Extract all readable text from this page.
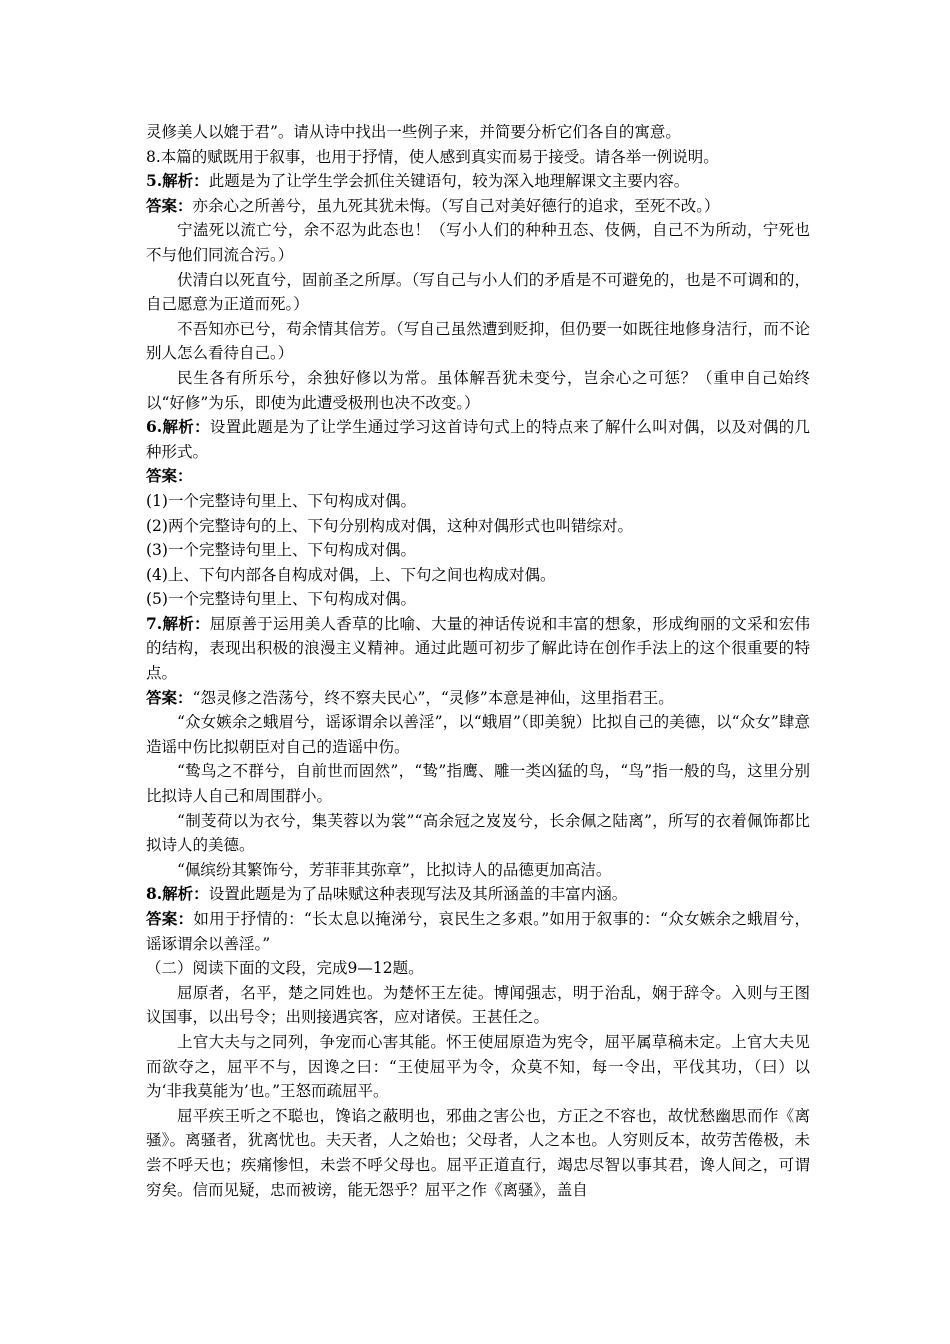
灵修美人以媲于君”。请从诗中找出一些例子来，并简要分析它们各自的寓意。

8.本篇的赋既用于叙事，也用于抒情，使人感到真实而易于接受。请各举一例说明。

5.解析：此题是为了让学生学会抓住关键语句，较为深入地理解课文主要内容。

答案：亦余心之所善兮，虽九死其犹未悔。（写自己对美好德行的追求，至死不改。）

宁溘死以流亡兮，余不忍为此态也！（写小人们的种种丑态、伎俩，自己不为所动，宁死也不与他们同流合污。）

伏清白以死直兮，固前圣之所厚。（写自己与小人们的矛盾是不可避免的，也是不可调和的，自己愿意为正道而死。）

不吾知亦已兮，苟余情其信芳。（写自己虽然遭到贬抑，但仍要一如既往地修身洁行，而不论别人怎么看待自己。）

民生各有所乐兮，余独好修以为常。虽体解吾犹未变兮，岂余心之可惩？（重申自己始终以“好修”为乐，即使为此遭受极刑也决不改变。）

6.解析：设置此题是为了让学生通过学习这首诗句式上的特点来了解什么叫对偶，以及对偶的几种形式。

答案：

(1)一个完整诗句里上、下句构成对偶。

(2)两个完整诗句的上、下句分别构成对偶，这种对偶形式也叫错综对。

(3)一个完整诗句里上、下句构成对偶。

(4)上、下句内部各自构成对偶，上、下句之间也构成对偶。

(5)一个完整诗句里上、下句构成对偶。

7.解析：屈原善于运用美人香草的比喻、大量的神话传说和丰富的想象，形成绚丽的文采和宏伟的结构，表现出积极的浪漫主义精神。通过此题可初步了解此诗在创作手法上的这个很重要的特点。

答案：“怨灵修之浩荡兮，终不察夫民心”，“灵修”本意是神仙，这里指君王。

“众女嫉余之蛾眉兮，谣诼谓余以善淫”，以“蛾眉”（即美貌）比拟自己的美德，以“众女”肆意造谣中伤比拟朝臣对自己的造谣中伤。

“鸷鸟之不群兮，自前世而固然”，“鸷”指鹰、雕一类凶猛的鸟，“鸟”指一般的鸟，这里分别比拟诗人自己和周围群小。

“制芰荷以为衣兮，集芙蓉以为裳”“高余冠之岌岌兮，长余佩之陆离”，所写的衣着佩饰都比拟诗人的美德。

“佩缤纷其繁饰兮，芳菲菲其弥章”，比拟诗人的品德更加高洁。

8.解析：设置此题是为了品味赋这种表现写法及其所涵盖的丰富内涵。

答案：如用于抒情的：“长太息以掩涕兮，哀民生之多艰。”如用于叙事的：“众女嫉余之蛾眉兮，谣诼谓余以善淫。”

（二）阅读下面的文段，完成9—12题。

屈原者，名平，楚之同姓也。为楚怀王左徒。博闻强志，明于治乱，娴于辞令。入则与王图议国事，以出号令；出则接遇宾客，应对诸侯。王甚任之。

上官大夫与之同列，争宠而心害其能。怀王使屈原造为宪令，屈平属草稿未定。上官大夫见而欲夺之，屈平不与，因谗之曰：“王使屈平为令，众莫不知，每一令出，平伐其功，（曰）以为‘非我莫能为’也。”王怒而疏屈平。

屈平疾王听之不聪也，馋谄之蔽明也，邪曲之害公也，方正之不容也，故忧愁幽思而作《离骚》。离骚者，犹离忧也。夫天者，人之始也；父母者，人之本也。人穷则反本，故劳苦倦极，未尝不呼天也；疾痛惨怛，未尝不呼父母也。屈平正道直行，竭忠尽智以事其君，谗人间之，可谓穷矣。信而见疑，忠而被谤，能无怨乎？屈平之作《离骚》，盖自
